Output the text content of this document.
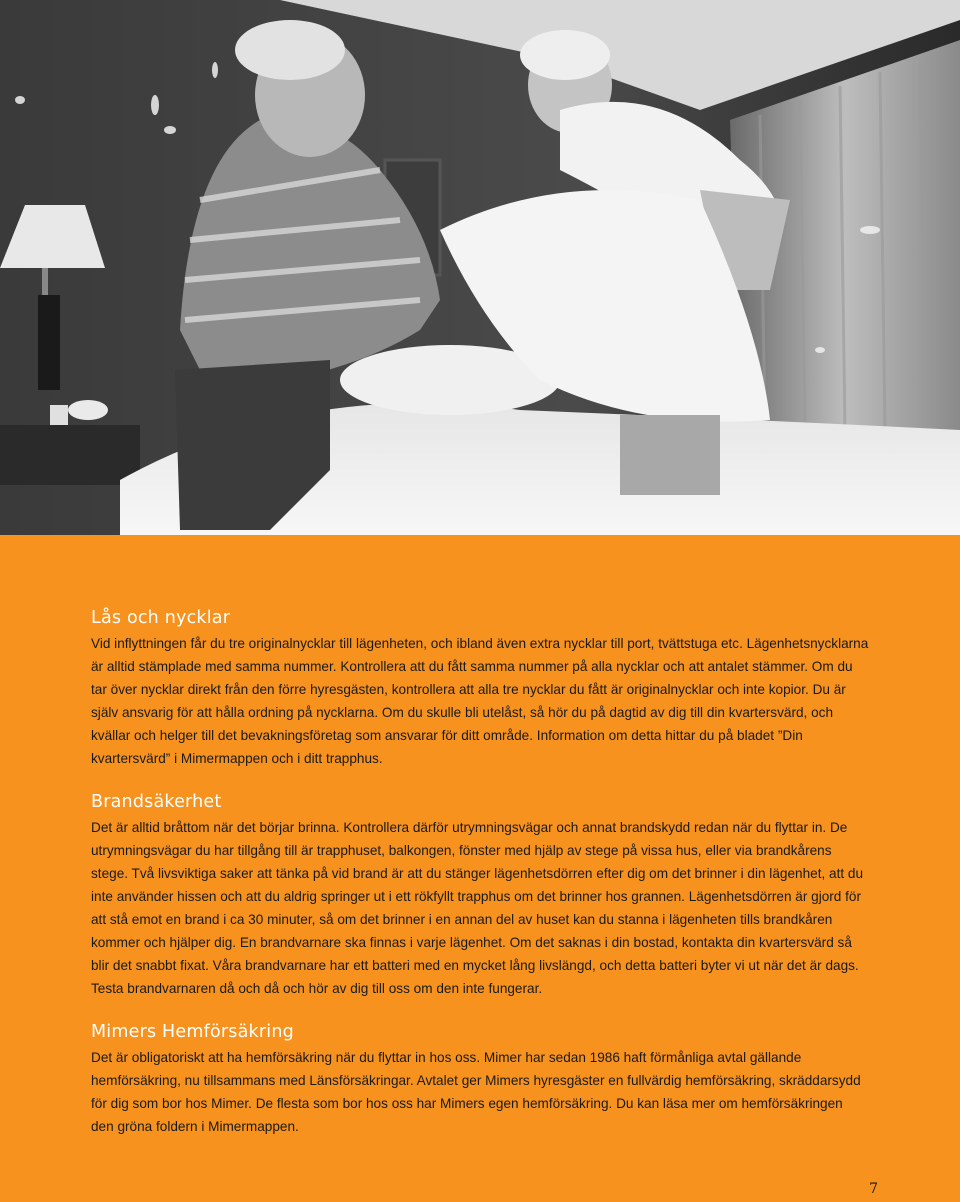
Lås och nycklar

Vid inflyttningen får du tre originalnycklar till lägenheten, och ibland även extra nycklar till port, tvättstuga etc. Lägenhetsnycklarna är alltid stämplade med samma nummer. Kontrollera att du fått samma nummer på alla nycklar och att antalet stämmer. Om du tar över nycklar direkt från den förre hyresgästen, kontrollera att alla tre nycklar du fått är originalnycklar och inte kopior. Du är själv ansvarig för att hålla ordning på nycklarna. Om du skulle bli utelåst, så hör du på dagtid av dig till din kvartersvärd, och kvällar och helger till det bevakningsföretag som ansvarar för ditt område. Information om detta hittar du på bladet ”Din kvartersvärd” i Mimermappen och i ditt trapphus.

Brandsäkerhet

Det är alltid bråttom när det börjar brinna. Kontrollera därför utrymningsvägar och annat brandskydd redan när du flyttar in. De utrymningsvägar du har tillgång till är trapphuset, balkongen, fönster med hjälp av stege på vissa hus, eller via brandkårens stege. Två livsviktiga saker att tänka på vid brand är att du stänger lägenhetsdörren efter dig om det brinner i din lägenhet, att du inte använder hissen och att du aldrig springer ut i ett rökfyllt trapphus om det brinner hos grannen. Lägenhetsdörren är gjord för att stå emot en brand i ca 30 minuter, så om det brinner i en annan del av huset kan du stanna i lägenheten tills brandkåren kommer och hjälper dig. En brandvarnare ska finnas i varje lägenhet. Om det saknas i din bostad, kontakta din kvartersvärd så blir det snabbt fixat. Våra brandvarnare har ett batteri med en mycket lång livslängd, och detta batteri byter vi ut när det är dags. Testa brandvarnaren då och då och hör av dig till oss om den inte fungerar.

Mimers Hemförsäkring

Det är obligatoriskt att ha hemförsäkring när du flyttar in hos oss. Mimer har sedan 1986 haft förmånliga avtal gällande hemförsäkring, nu tillsammans med Länsförsäkringar. Avtalet ger Mimers hyresgäster en fullvärdig hemförsäkring, skräddarsydd för dig som bor hos Mimer. De flesta som bor hos oss har Mimers egen hemförsäkring. Du kan läsa mer om hemförsäkringen den gröna foldern i Mimermappen.

7
